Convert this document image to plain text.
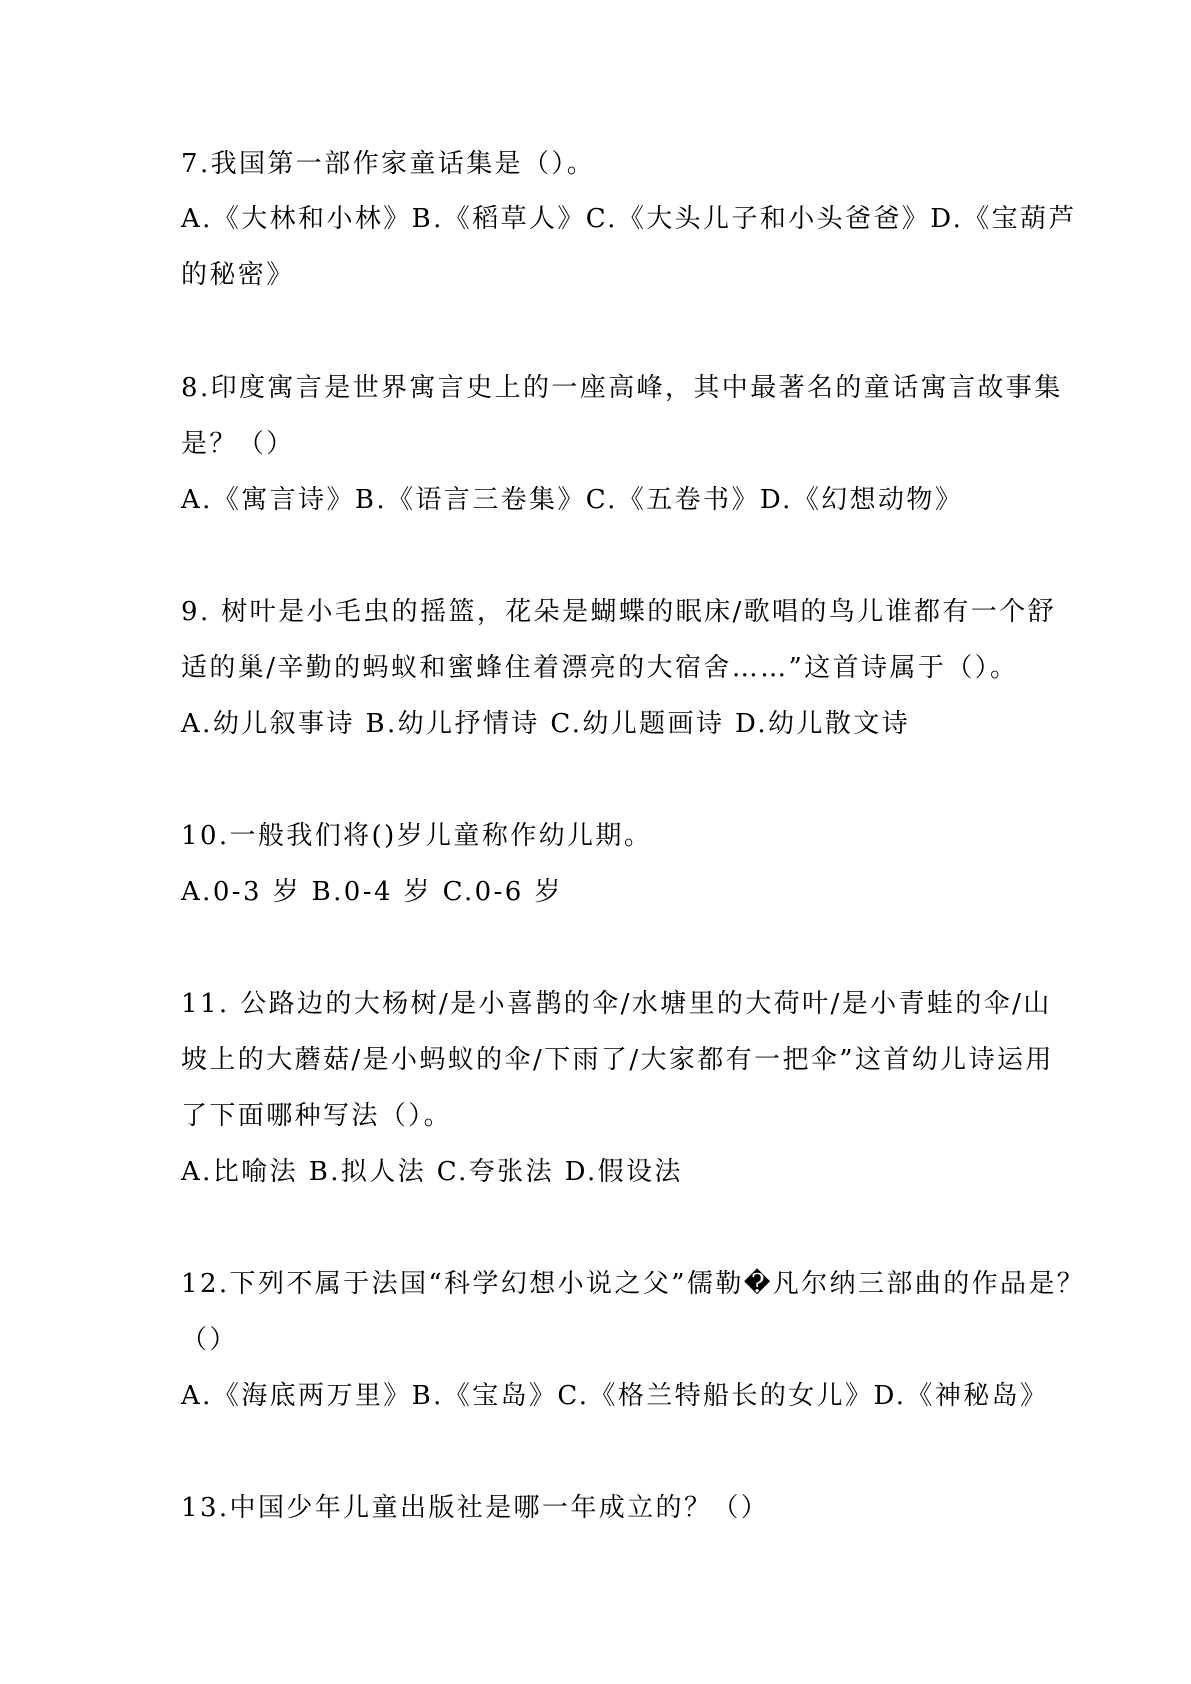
7.我国第一部作家童话集是（）。
A.《大林和小林》B.《稻草人》C.《大头儿子和小头爸爸》D.《宝葫芦
的秘密》
8.印度寓言是世界寓言史上的一座高峰，其中最著名的童话寓言故事集
是？（）
A.《寓言诗》B.《语言三卷集》C.《五卷书》D.《幻想动物》
9. 树叶是小毛虫的摇篮，花朵是蝴蝶的眠床/歌唱的鸟儿谁都有一个舒
适的巢/辛勤的蚂蚁和蜜蜂住着漂亮的大宿舍……”这首诗属于（）。
A.幼儿叙事诗 B.幼儿抒情诗 C.幼儿题画诗 D.幼儿散文诗
10.一般我们将()岁儿童称作幼儿期。
A.0-3 岁 B.0-4 岁 C.0-6 岁
11. 公路边的大杨树/是小喜鹊的伞/水塘里的大荷叶/是小青蛙的伞/山
坡上的大蘑菇/是小蚂蚁的伞/下雨了/大家都有一把伞”这首幼儿诗运用
了下面哪种写法（）。
A.比喻法 B.拟人法 C.夸张法 D.假设法
12.下列不属于法国“科学幻想小说之父”儒勒�凡尔纳三部曲的作品是？
（）
A.《海底两万里》B.《宝岛》C.《格兰特船长的女儿》D.《神秘岛》
13.中国少年儿童出版社是哪一年成立的？（）
